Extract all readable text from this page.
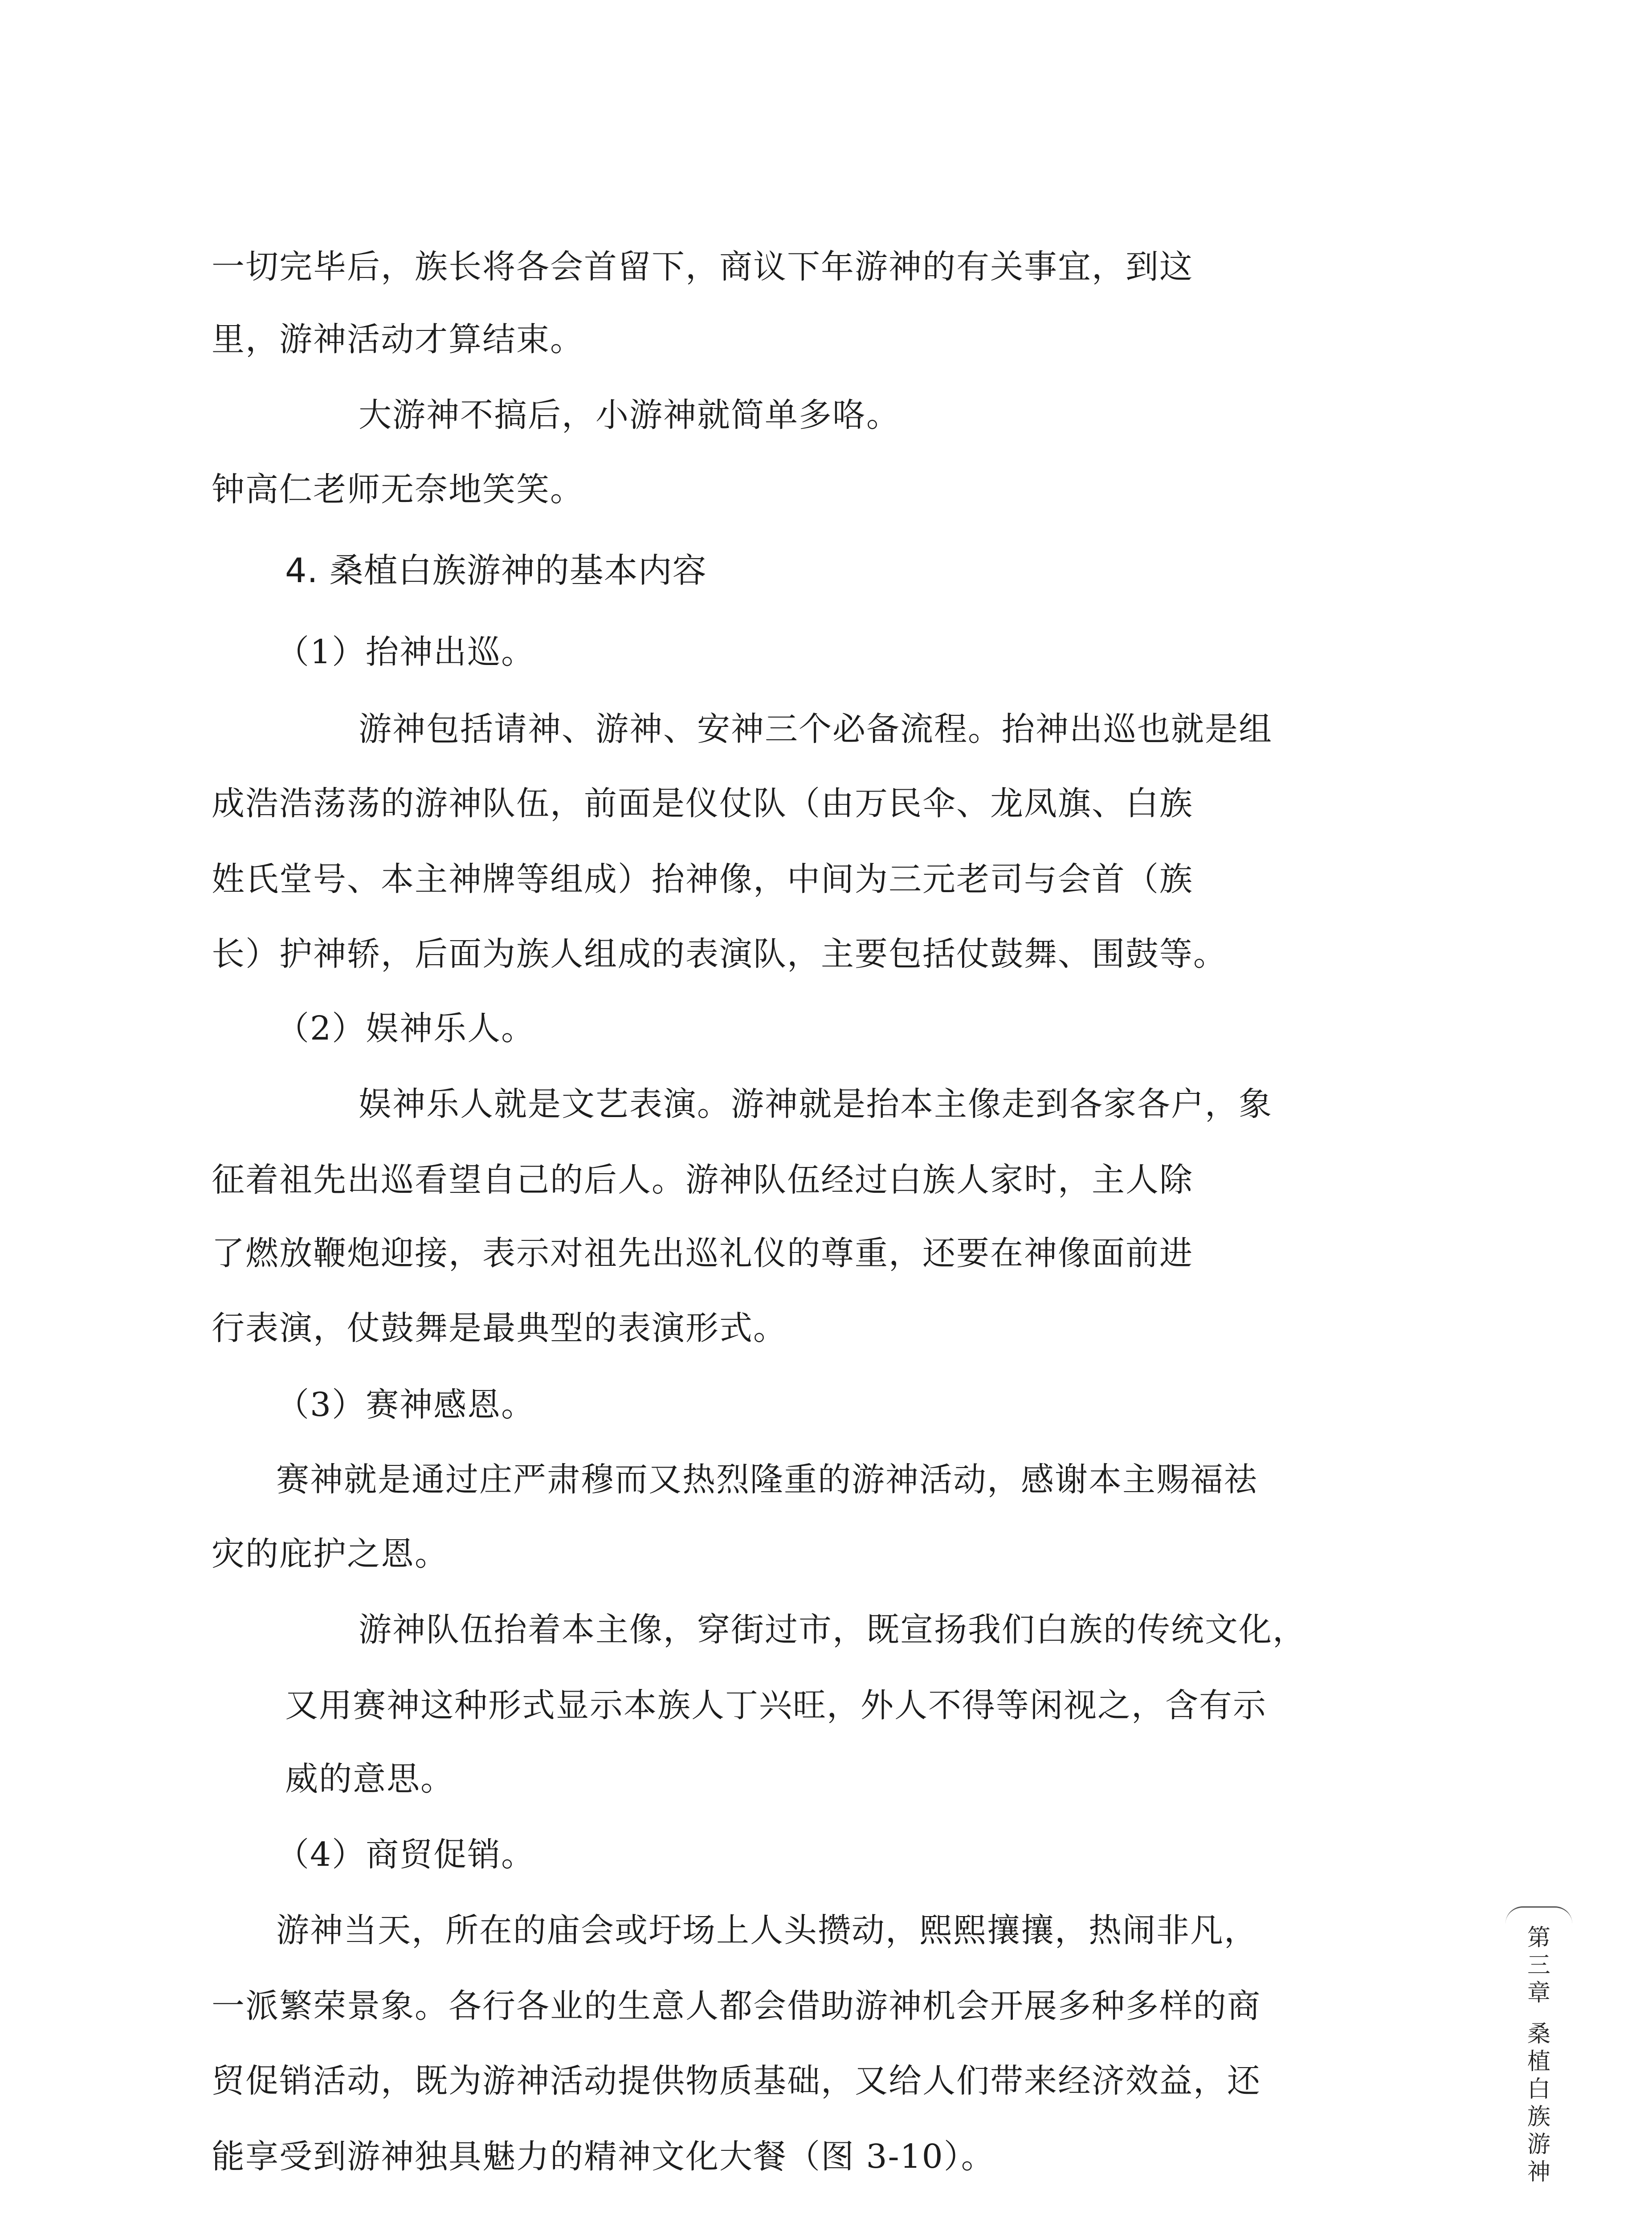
一切完毕后，族长将各会首留下，商议下年游神的有关事宜，到这

里，游神活动才算结束。

大游神不搞后，小游神就简单多咯。

钟高仁老师无奈地笑笑。

4. 桑植白族游神的基本内容

（1）抬神出巡。

游神包括请神、游神、安神三个必备流程。抬神出巡也就是组

成浩浩荡荡的游神队伍，前面是仪仗队（由万民伞、龙凤旗、白族

姓氏堂号、本主神牌等组成）抬神像，中间为三元老司与会首（族

长）护神轿，后面为族人组成的表演队，主要包括仗鼓舞、围鼓等。

（2）娱神乐人。

娱神乐人就是文艺表演。游神就是抬本主像走到各家各户，象

征着祖先出巡看望自己的后人。游神队伍经过白族人家时，主人除

了燃放鞭炮迎接，表示对祖先出巡礼仪的尊重，还要在神像面前进

行表演，仗鼓舞是最典型的表演形式。

（3）赛神感恩。

赛神就是通过庄严肃穆而又热烈隆重的游神活动，感谢本主赐福祛

灾的庇护之恩。

游神队伍抬着本主像，穿街过市，既宣扬我们白族的传统文化，

又用赛神这种形式显示本族人丁兴旺，外人不得等闲视之，含有示

威的意思。

（4）商贸促销。

游神当天，所在的庙会或圩场上人头攒动，熙熙攘攘，热闹非凡，

一派繁荣景象。各行各业的生意人都会借助游神机会开展多种多样的商

贸促销活动，既为游神活动提供物质基础，又给人们带来经济效益，还

能享受到游神独具魅力的精神文化大餐（图 3-10）。

第三章
桑植白族游神
